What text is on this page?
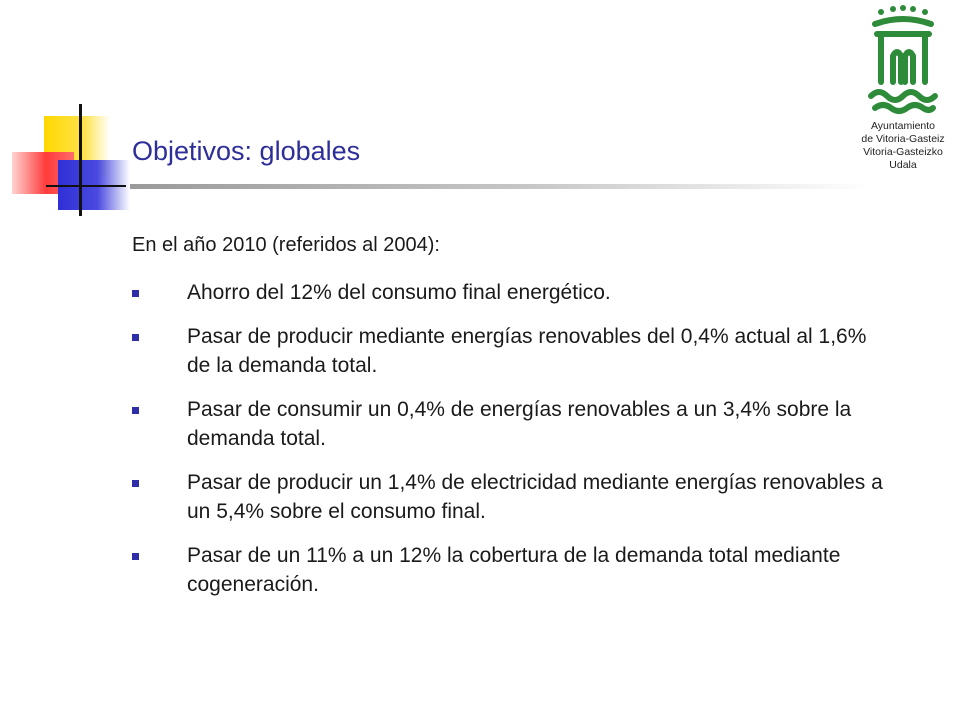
Objetivos: globales
Ayuntamiento
de Vitoria-Gasteiz
Vitoria-Gasteizko
Udala

En el año 2010 (referidos al 2004):

Ahorro del 12% del consumo final energético.
Pasar de producir mediante energías renovables del 0,4% actual al 1,6% de la demanda total.
Pasar de consumir un 0,4% de energías renovables a un 3,4% sobre la demanda total.
Pasar de producir un 1,4% de electricidad mediante energías renovables a un 5,4% sobre el consumo final.
Pasar de un 11% a un 12% la cobertura de la demanda total mediante cogeneración.
